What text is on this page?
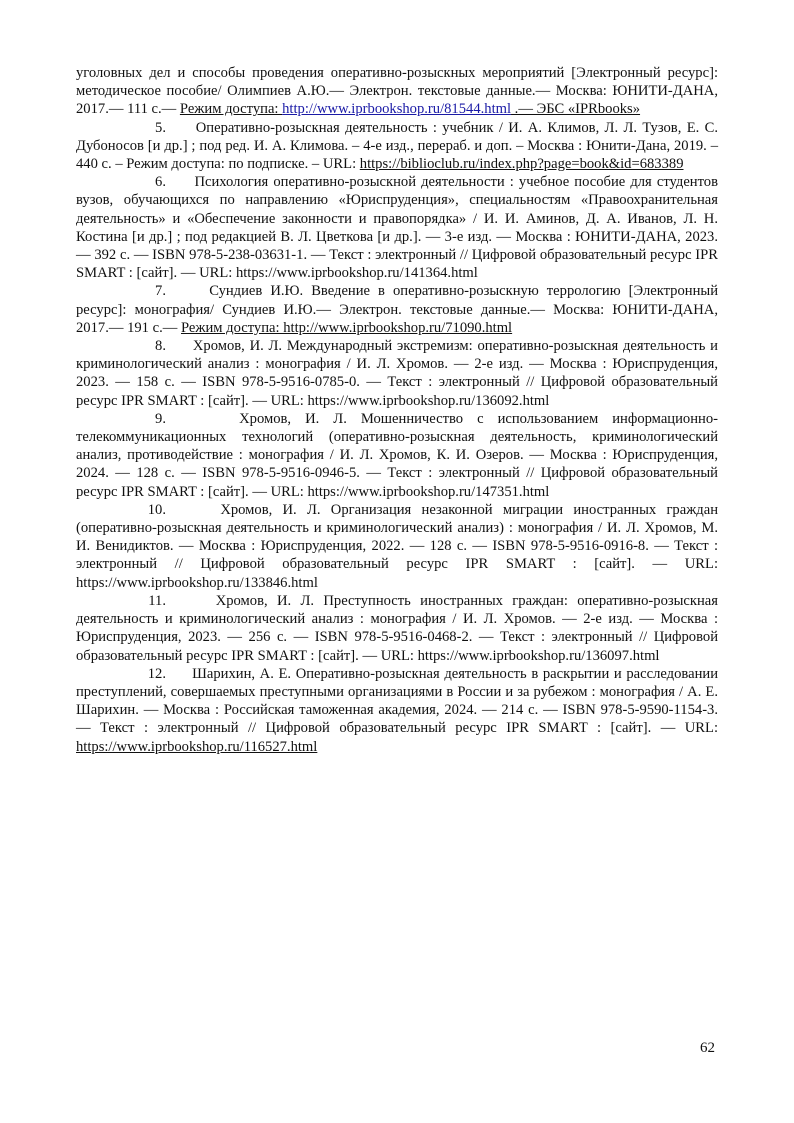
уголовных дел и способы проведения оперативно-розыскных мероприятий [Электронный ресурс]: методическое пособие/ Олимпиев А.Ю.— Электрон. текстовые данные.— Москва: ЮНИТИ-ДАНА, 2017.— 111 c.— Режим доступа: http://www.iprbookshop.ru/81544.html .— ЭБС «IPRbooks»

5. Оперативно-розыскная деятельность : учебник / И. А. Климов, Л. Л. Тузов, Е. С. Дубоносов [и др.] ; под ред. И. А. Климова. – 4-е изд., перераб. и доп. – Москва : Юнити-Дана, 2019. – 440 с. – Режим доступа: по подписке. – URL: https://biblioclub.ru/index.php?page=book&id=683389

6. Психология оперативно-розыскной деятельности : учебное пособие для студентов вузов, обучающихся по направлению «Юриспруденция», специальностям «Правоохранительная деятельность» и «Обеспечение законности и правопорядка» / И. И. Аминов, Д. А. Иванов, Л. Н. Костина [и др.] ; под редакцией В. Л. Цветкова [и др.]. — 3-е изд. — Москва : ЮНИТИ-ДАНА, 2023. — 392 c. — ISBN 978-5-238-03631-1. — Текст : электронный // Цифровой образовательный ресурс IPR SMART : [сайт]. — URL: https://www.iprbookshop.ru/141364.html

7.	Сундиев И.Ю. Введение в оперативно-розыскную террологию [Электронный ресурс]: монография/ Сундиев И.Ю.— Электрон. текстовые данные.— Москва: ЮНИТИ-ДАНА, 2017.— 191 c.— Режим доступа: http://www.iprbookshop.ru/71090.html

8. Хромов, И. Л. Международный экстремизм: оперативно-розыскная деятельность и криминологический анализ : монография / И. Л. Хромов. — 2-е изд. — Москва : Юриспруденция, 2023. — 158 c. — ISBN 978-5-9516-0785-0. — Текст : электронный // Цифровой образовательный ресурс IPR SMART : [сайт]. — URL: https://www.iprbookshop.ru/136092.html

9.	Хромов, И. Л. Мошенничество с использованием информационно-телекоммуникационных технологий (оперативно-розыскная деятельность, криминологический анализ, противодействие : монография / И. Л. Хромов, К. И. Озеров. — Москва : Юриспруденция, 2024. — 128 c. — ISBN 978-5-9516-0946-5. — Текст : электронный // Цифровой образовательный ресурс IPR SMART : [сайт]. — URL: https://www.iprbookshop.ru/147351.html

10.	Хромов, И. Л. Организация незаконной миграции иностранных граждан (оперативно-розыскная деятельность и криминологический анализ) : монография / И. Л. Хромов, М. И. Венидиктов. — Москва : Юриспруденция, 2022. — 128 c. — ISBN 978-5-9516-0916-8. — Текст : электронный // Цифровой образовательный ресурс IPR SMART : [сайт]. — URL: https://www.iprbookshop.ru/133846.html

11.	Хромов, И. Л. Преступность иностранных граждан: оперативно-розыскная деятельность и криминологический анализ : монография / И. Л. Хромов. — 2-е изд. — Москва : Юриспруденция, 2023. — 256 c. — ISBN 978-5-9516-0468-2. — Текст : электронный // Цифровой образовательный ресурс IPR SMART : [сайт]. — URL: https://www.iprbookshop.ru/136097.html

12. Шарихин, А. Е. Оперативно-розыскная деятельность в раскрытии и расследовании преступлений, совершаемых преступными организациями в России и за рубежом : монография / А. Е. Шарихин. — Москва : Российская таможенная академия, 2024. — 214 c. — ISBN 978-5-9590-1154-3. — Текст : электронный // Цифровой образовательный ресурс IPR SMART : [сайт]. — URL: https://www.iprbookshop.ru/116527.html

62
